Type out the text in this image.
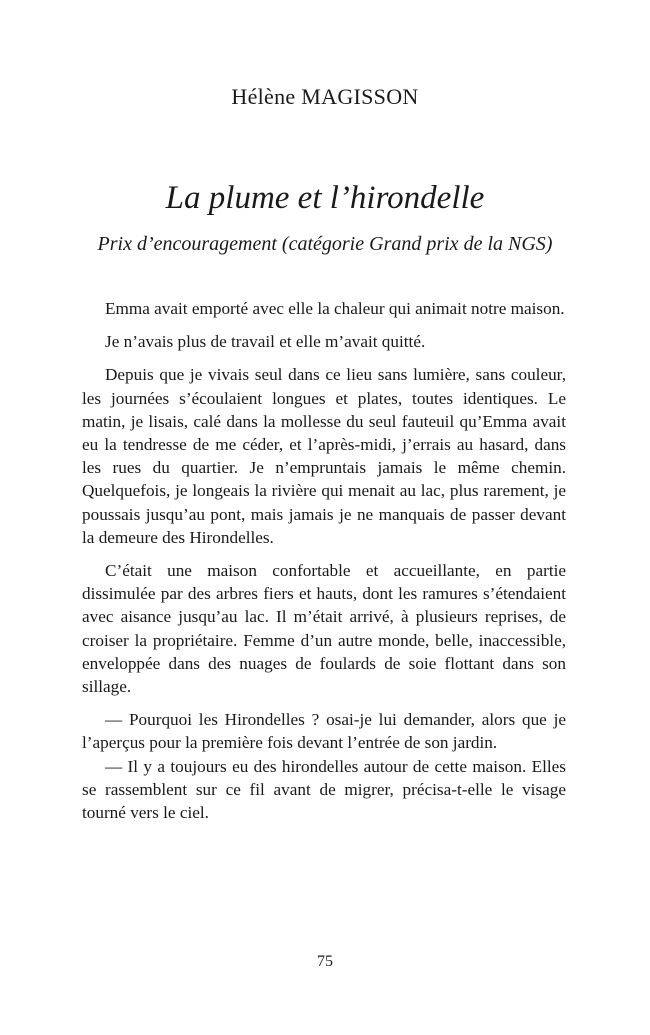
Hélène MAGISSON
La plume et l’hirondelle
Prix d’encouragement (catégorie Grand prix de la NGS)

Emma avait emporté avec elle la chaleur qui animait notre maison.

Je n’avais plus de travail et elle m’avait quitté.

Depuis que je vivais seul dans ce lieu sans lumière, sans couleur, les journées s’écoulaient longues et plates, toutes identiques. Le matin, je lisais, calé dans la mollesse du seul fauteuil qu’Emma avait eu la tendresse de me céder, et l’après-midi, j’errais au hasard, dans les rues du quartier. Je n’empruntais jamais le même chemin. Quelquefois, je longeais la rivière qui menait au lac, plus rarement, je poussais jusqu’au pont, mais jamais je ne manquais de passer devant la demeure des Hirondelles.

C’était une maison confortable et accueillante, en partie dissimulée par des arbres fiers et hauts, dont les ramures s’étendaient avec aisance jusqu’au lac. Il m’était arrivé, à plusieurs reprises, de croiser la propriétaire. Femme d’un autre monde, belle, inaccessible, enveloppée dans des nuages de foulards de soie flottant dans son sillage.

— Pourquoi les Hirondelles ? osai-je lui demander, alors que je l’aperçus pour la première fois devant l’entrée de son jardin.

— Il y a toujours eu des hirondelles autour de cette maison. Elles se rassemblent sur ce fil avant de migrer, précisa-t-elle le visage tourné vers le ciel.

75
